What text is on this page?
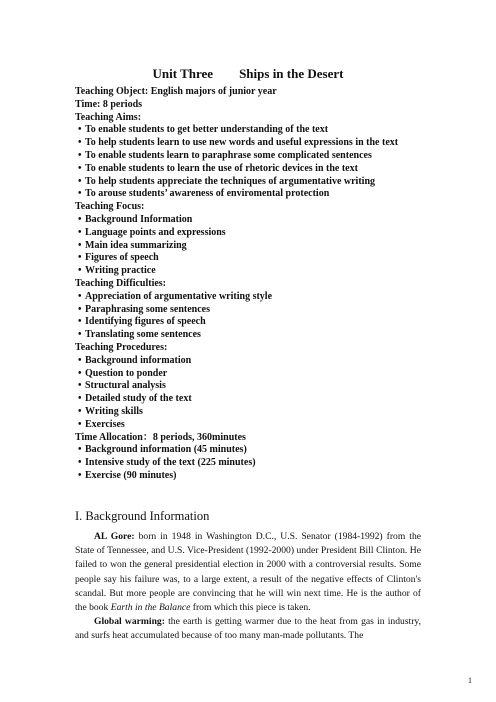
Unit Three  Ships in the Desert
Teaching Object: English majors of junior year
Time: 8 periods
Teaching Aims:
• To enable students to get better understanding of the text
• To help students learn to use new words and useful expressions in the text
• To enable students learn to paraphrase some complicated sentences
• To enable students to learn the use of rhetoric devices in the text
• To help students appreciate the techniques of argumentative writing
• To arouse students’ awareness of enviromental protection
Teaching Focus:
• Background Information
• Language points and expressions
• Main idea summarizing
• Figures of speech
• Writing practice
Teaching Difficulties:
• Appreciation of argumentative writing style
• Paraphrasing some sentences
• Identifying figures of speech
• Translating some sentences
Teaching Procedures:
• Background information
• Question to ponder
• Structural analysis
• Detailed study of the text
• Writing skills
• Exercises
Time Allocation：8 periods, 360minutes
• Background information (45 minutes)
• Intensive study of the text (225 minutes)
• Exercise (90 minutes)
I. Background Information
AL Gore: born in 1948 in Washington D.C., U.S. Senator (1984-1992) from the State of Tennessee, and U.S. Vice-President (1992-2000) under President Bill Clinton. He failed to won the general presidential election in 2000 with a controversial results. Some people say his failure was, to a large extent, a result of the negative effects of Clinton's scandal. But more people are convincing that he will win next time. He is the author of the book Earth in the Balance from which this piece is taken.
Global warming: the earth is getting warmer due to the heat from gas in industry, and surfs heat accumulated because of too many man-made pollutants. The
1
